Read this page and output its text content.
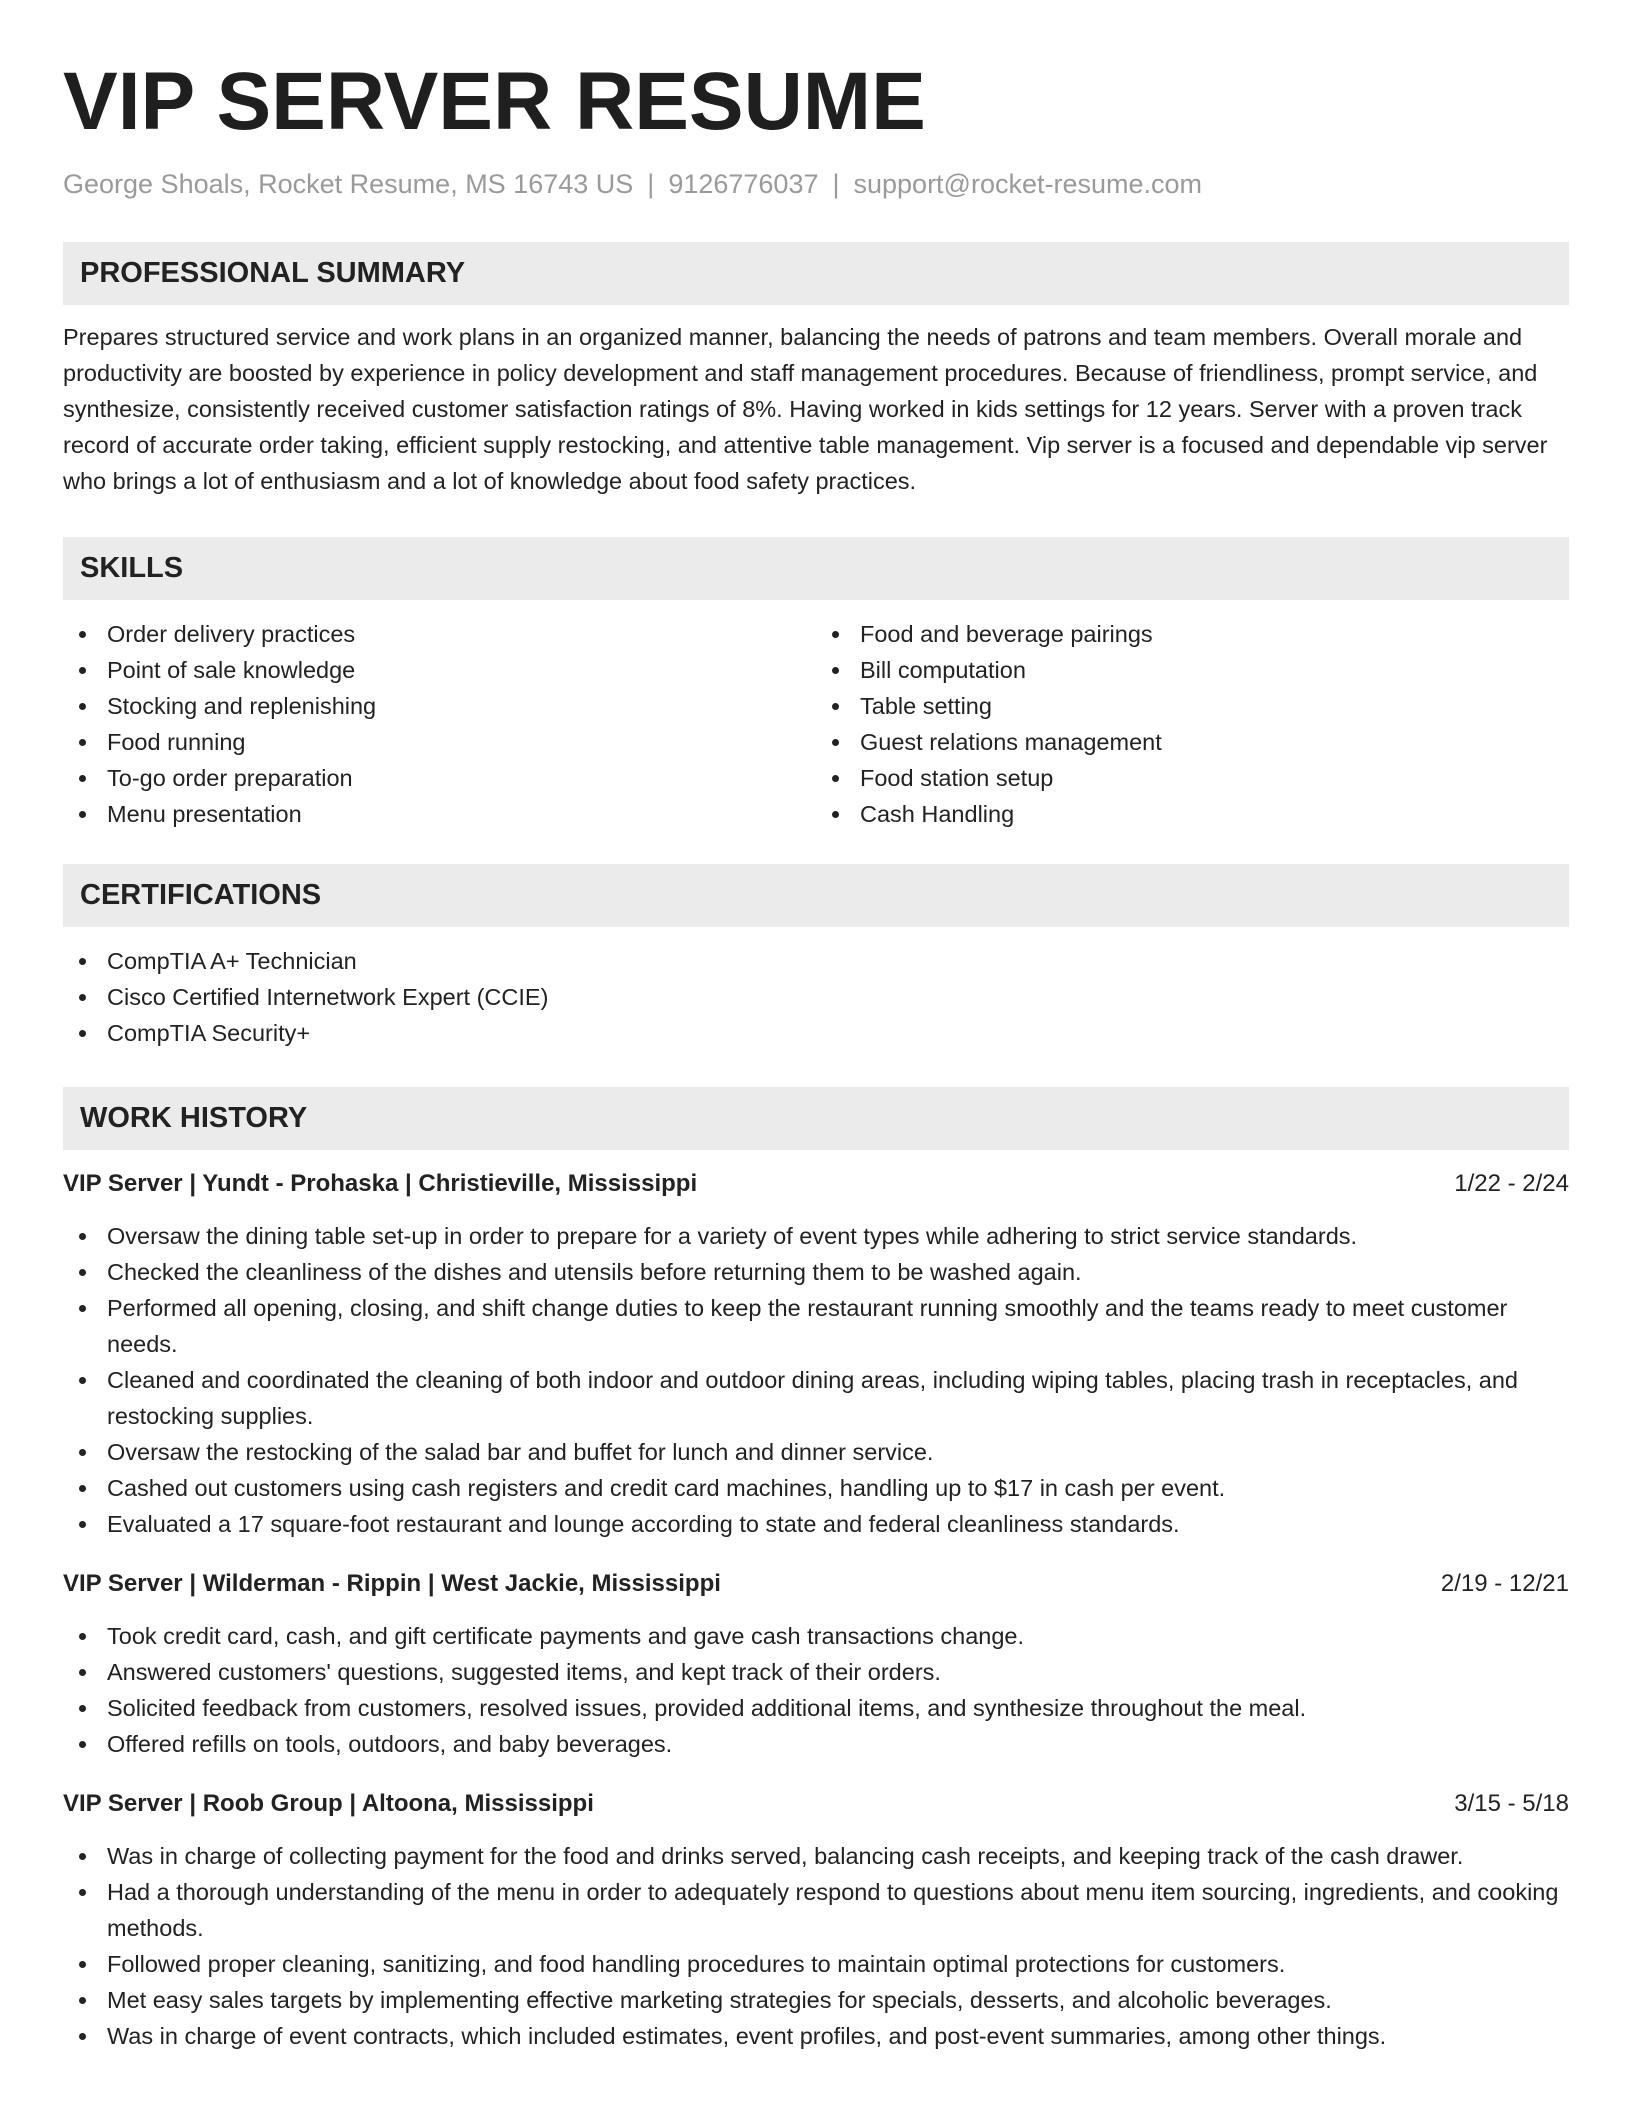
VIP SERVER RESUME
George Shoals, Rocket Resume, MS 16743 US | 9126776037 | support@rocket-resume.com
PROFESSIONAL SUMMARY
Prepares structured service and work plans in an organized manner, balancing the needs of patrons and team members. Overall morale and productivity are boosted by experience in policy development and staff management procedures. Because of friendliness, prompt service, and synthesize, consistently received customer satisfaction ratings of 8%. Having worked in kids settings for 12 years. Server with a proven track record of accurate order taking, efficient supply restocking, and attentive table management. Vip server is a focused and dependable vip server who brings a lot of enthusiasm and a lot of knowledge about food safety practices.
SKILLS
Order delivery practices
Point of sale knowledge
Stocking and replenishing
Food running
To-go order preparation
Menu presentation
Food and beverage pairings
Bill computation
Table setting
Guest relations management
Food station setup
Cash Handling
CERTIFICATIONS
CompTIA A+ Technician
Cisco Certified Internetwork Expert (CCIE)
CompTIA Security+
WORK HISTORY
VIP Server | Yundt - Prohaska | Christieville, Mississippi	1/22 - 2/24
Oversaw the dining table set-up in order to prepare for a variety of event types while adhering to strict service standards.
Checked the cleanliness of the dishes and utensils before returning them to be washed again.
Performed all opening, closing, and shift change duties to keep the restaurant running smoothly and the teams ready to meet customer needs.
Cleaned and coordinated the cleaning of both indoor and outdoor dining areas, including wiping tables, placing trash in receptacles, and restocking supplies.
Oversaw the restocking of the salad bar and buffet for lunch and dinner service.
Cashed out customers using cash registers and credit card machines, handling up to $17 in cash per event.
Evaluated a 17 square-foot restaurant and lounge according to state and federal cleanliness standards.
VIP Server | Wilderman - Rippin | West Jackie, Mississippi	2/19 - 12/21
Took credit card, cash, and gift certificate payments and gave cash transactions change.
Answered customers' questions, suggested items, and kept track of their orders.
Solicited feedback from customers, resolved issues, provided additional items, and synthesize throughout the meal.
Offered refills on tools, outdoors, and baby beverages.
VIP Server | Roob Group | Altoona, Mississippi	3/15 - 5/18
Was in charge of collecting payment for the food and drinks served, balancing cash receipts, and keeping track of the cash drawer.
Had a thorough understanding of the menu in order to adequately respond to questions about menu item sourcing, ingredients, and cooking methods.
Followed proper cleaning, sanitizing, and food handling procedures to maintain optimal protections for customers.
Met easy sales targets by implementing effective marketing strategies for specials, desserts, and alcoholic beverages.
Was in charge of event contracts, which included estimates, event profiles, and post-event summaries, among other things.
